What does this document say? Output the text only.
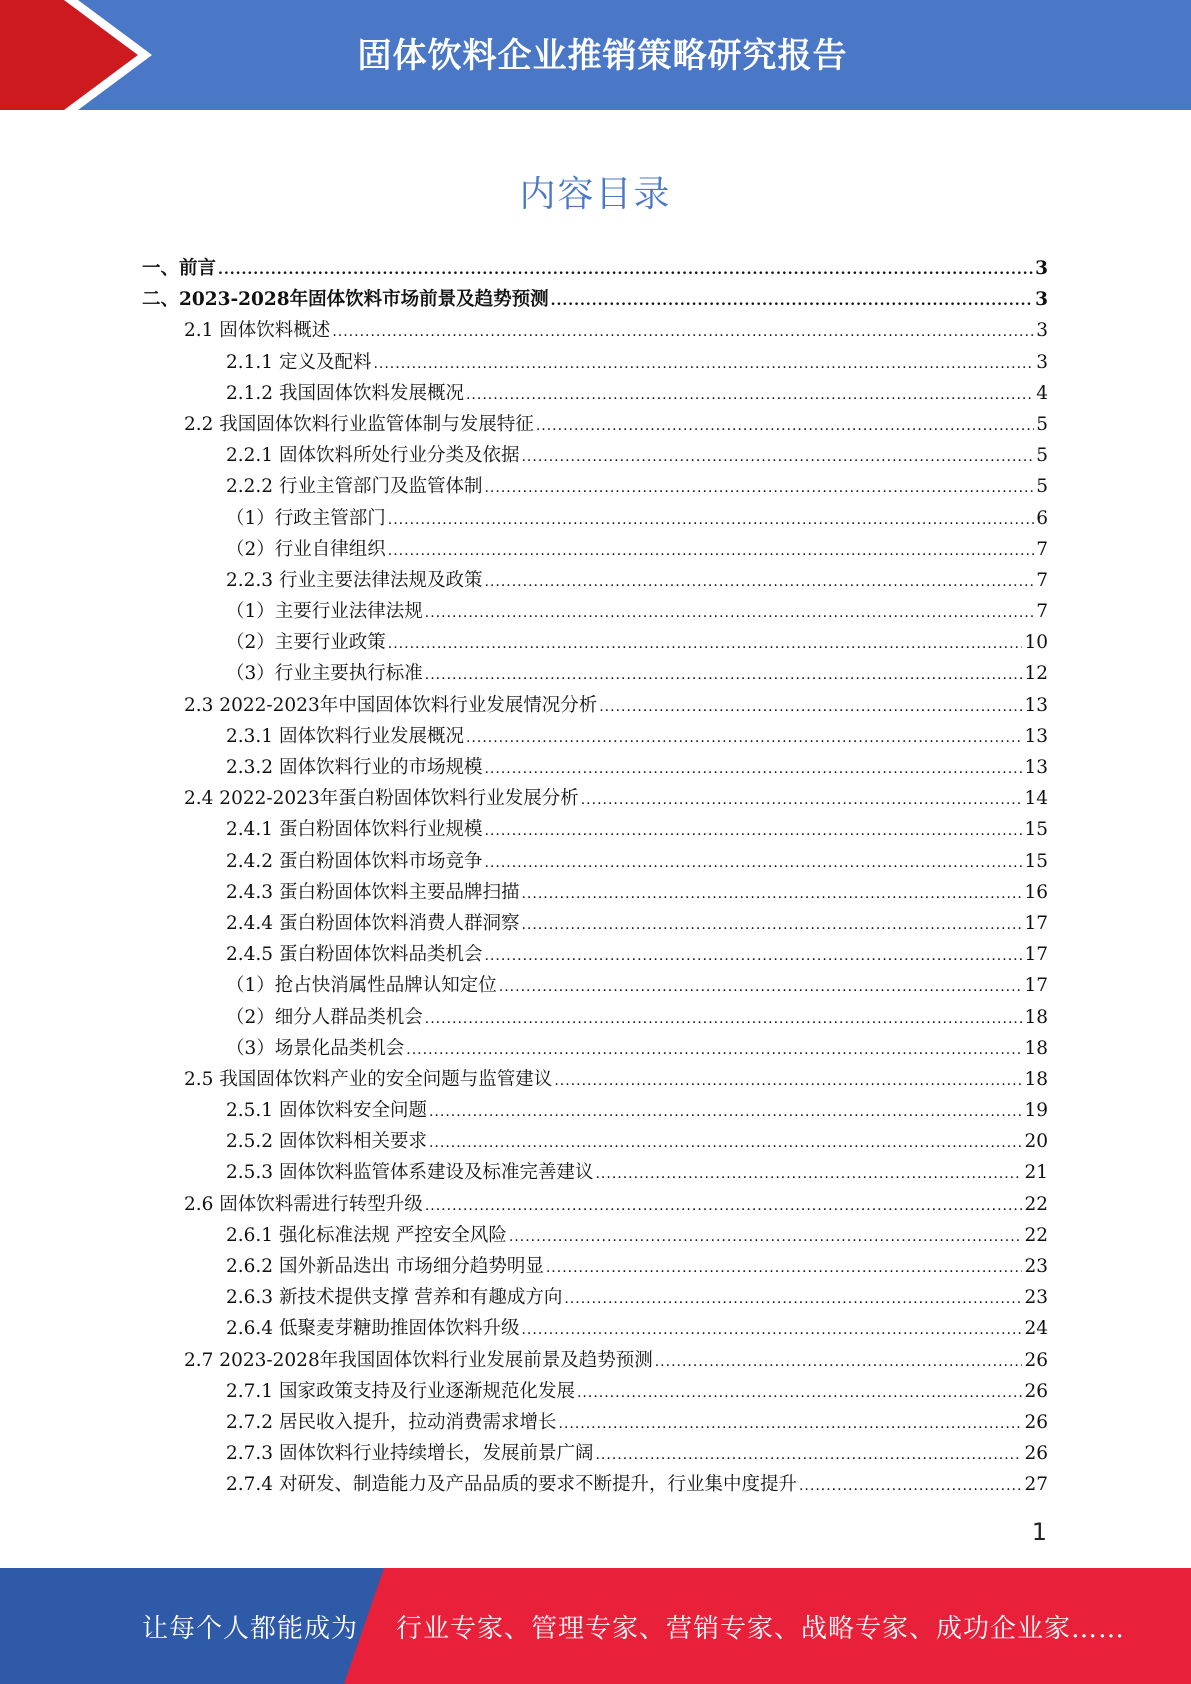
固体饮料企业推销策略研究报告
内容目录
一、前言 .....	3
二、2023-2028年固体饮料市场前景及趋势预测 .....	3
2.1 固体饮料概述 .....	3
2.1.1 定义及配料 .....	3
2.1.2 我国固体饮料发展概况 .....	4
2.2 我国固体饮料行业监管体制与发展特征 .....	5
2.2.1 固体饮料所处行业分类及依据 .....	5
2.2.2 行业主管部门及监管体制 .....	5
（1）行政主管部门 .....	6
（2）行业自律组织 .....	7
2.2.3 行业主要法律法规及政策 .....	7
（1）主要行业法律法规 .....	7
（2）主要行业政策 .....	10
（3）行业主要执行标准 .....	12
2.3 2022-2023年中国固体饮料行业发展情况分析 .....	13
2.3.1 固体饮料行业发展概况 .....	13
2.3.2 固体饮料行业的市场规模 .....	13
2.4 2022-2023年蛋白粉固体饮料行业发展分析 .....	14
2.4.1 蛋白粉固体饮料行业规模 .....	15
2.4.2 蛋白粉固体饮料市场竞争 .....	15
2.4.3 蛋白粉固体饮料主要品牌扫描 .....	16
2.4.4 蛋白粉固体饮料消费人群洞察 .....	17
2.4.5 蛋白粉固体饮料品类机会 .....	17
（1）抢占快消属性品牌认知定位 .....	17
（2）细分人群品类机会 .....	18
（3）场景化品类机会 .....	18
2.5 我国固体饮料产业的安全问题与监管建议 .....	18
2.5.1 固体饮料安全问题 .....	19
2.5.2 固体饮料相关要求 .....	20
2.5.3 固体饮料监管体系建设及标准完善建议 .....	21
2.6 固体饮料需进行转型升级 .....	22
2.6.1 强化标准法规 严控安全风险 .....	22
2.6.2 国外新品迭出 市场细分趋势明显 .....	23
2.6.3 新技术提供支撑 营养和有趣成方向 .....	23
2.6.4 低聚麦芽糖助推固体饮料升级 .....	24
2.7 2023-2028年我国固体饮料行业发展前景及趋势预测 .....	26
2.7.1 国家政策支持及行业逐渐规范化发展 .....	26
2.7.2 居民收入提升，拉动消费需求增长 .....	26
2.7.3 固体饮料行业持续增长，发展前景广阔 .....	26
2.7.4 对研发、制造能力及产品品质的要求不断提升，行业集中度提升 .....	27
1
让每个人都能成为 行业专家、管理专家、营销专家、战略专家、成功企业家……
